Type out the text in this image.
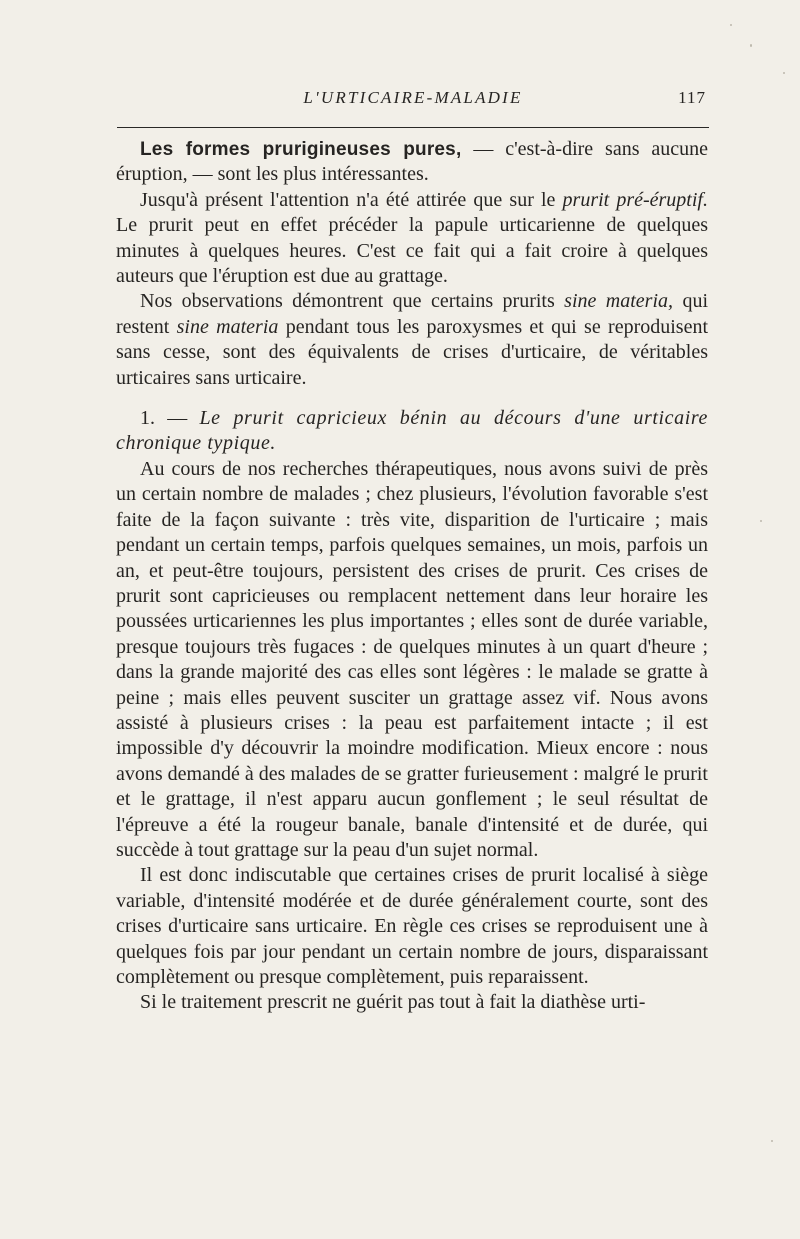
L'URTICAIRE-MALADIE	117

Les formes prurigineuses pures, — c'est-à-dire sans aucune éruption, — sont les plus intéressantes.

Jusqu'à présent l'attention n'a été attirée que sur le prurit pré-éruptif. Le prurit peut en effet précéder la papule urticarienne de quelques minutes à quelques heures. C'est ce fait qui a fait croire à quelques auteurs que l'éruption est due au grattage.

Nos observations démontrent que certains prurits sine materia, qui restent sine materia pendant tous les paroxysmes et qui se reproduisent sans cesse, sont des équivalents de crises d'urticaire, de véritables urticaires sans urticaire.

1. — Le prurit capricieux bénin au décours d'une urticaire chronique typique.

Au cours de nos recherches thérapeutiques, nous avons suivi de près un certain nombre de malades ; chez plusieurs, l'évolution favorable s'est faite de la façon suivante : très vite, disparition de l'urticaire ; mais pendant un certain temps, parfois quelques semaines, un mois, parfois un an, et peut-être toujours, persistent des crises de prurit. Ces crises de prurit sont capricieuses ou remplacent nettement dans leur horaire les poussées urticariennes les plus importantes ; elles sont de durée variable, presque toujours très fugaces : de quelques minutes à un quart d'heure ; dans la grande majorité des cas elles sont légères : le malade se gratte à peine ; mais elles peuvent susciter un grattage assez vif. Nous avons assisté à plusieurs crises : la peau est parfaitement intacte ; il est impossible d'y découvrir la moindre modification. Mieux encore : nous avons demandé à des malades de se gratter furieusement : malgré le prurit et le grattage, il n'est apparu aucun gonflement ; le seul résultat de l'épreuve a été la rougeur banale, banale d'intensité et de durée, qui succède à tout grattage sur la peau d'un sujet normal.

Il est donc indiscutable que certaines crises de prurit localisé à siège variable, d'intensité modérée et de durée généralement courte, sont des crises d'urticaire sans urticaire. En règle ces crises se reproduisent une à quelques fois par jour pendant un certain nombre de jours, disparaissant complètement ou presque complètement, puis reparaissent.

Si le traitement prescrit ne guérit pas tout à fait la diathèse urti-
